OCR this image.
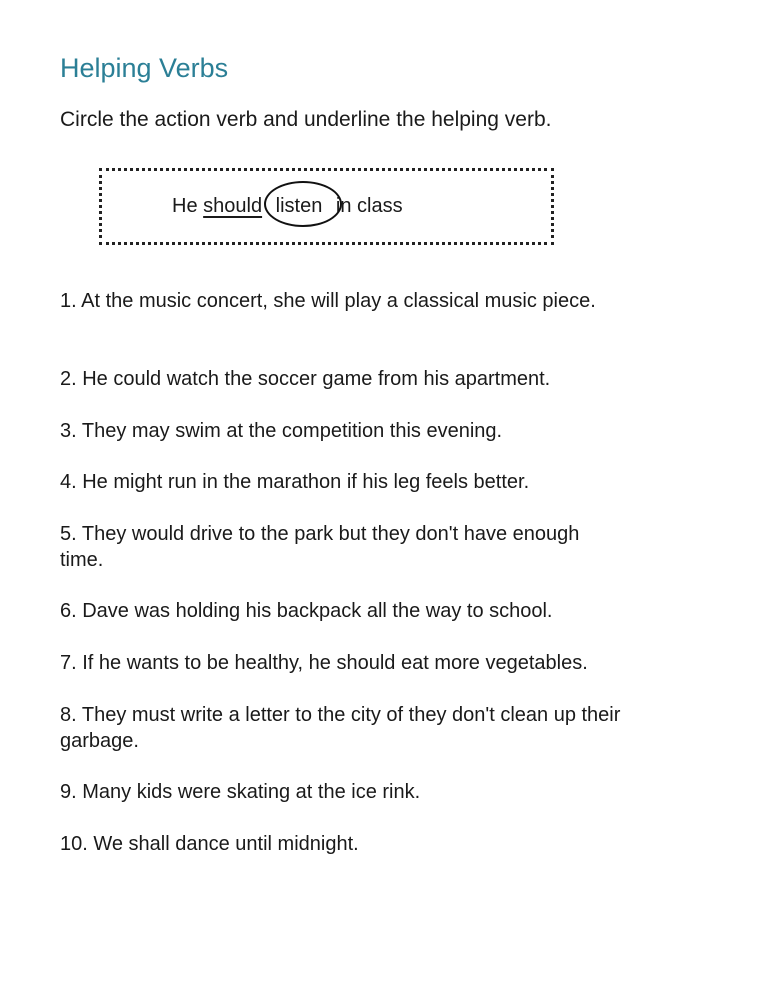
Helping Verbs
Circle the action verb and underline the helping verb.
He should listen in class
1. At the music concert, she will play a classical music piece.
2. He could watch the soccer game from his apartment.
3. They may swim at the competition this evening.
4. He might run in the marathon if his leg feels better.
5. They would drive to the park but they don't have enough time.
6. Dave was holding his backpack all the way to school.
7. If he wants to be healthy, he should eat more vegetables.
8. They must write a letter to the city of they don't clean up their garbage.
9. Many kids were skating at the ice rink.
10. We shall dance until midnight.
